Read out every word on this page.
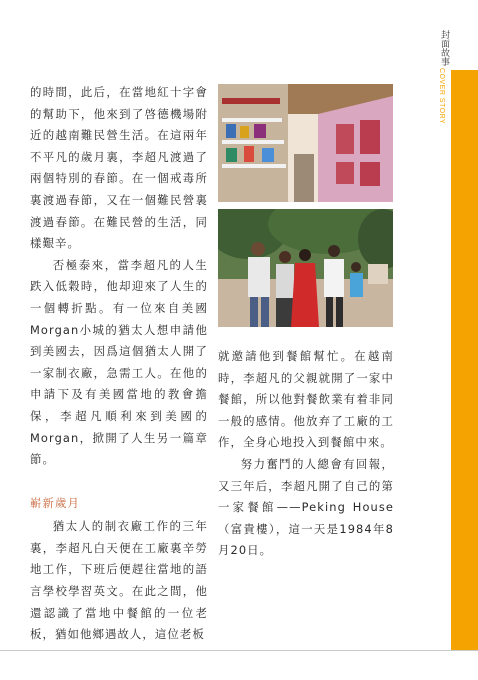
封面故事
COVER STORY

的時間，此后，在當地紅十字會的幫助下，他來到了啓德機場附近的越南難民營生活。在這兩年不平凡的歲月裏，李超凡渡過了兩個特別的春節。在一個戒毒所裏渡過春節，又在一個難民營裏渡過春節。在難民營的生活，同樣艱辛。

否極泰來，當李超凡的人生跌入低穀時，他却迎來了人生的一個轉折點。有一位來自美國Morgan小城的猶太人想申請他到美國去，因爲這個猶太人開了一家制衣廠，急需工人。在他的申請下及有美國當地的教會擔保，李超凡順利來到美國的Morgan，掀開了人生另一篇章節。

嶄新歲月

猶太人的制衣廠工作的三年裏，李超凡白天便在工廠裏辛勞地工作，下班后便趕往當地的語言學校學習英文。在此之間，他還認識了當地中餐館的一位老板，猶如他鄉遇故人，這位老板

就邀請他到餐館幫忙。在越南時，李超凡的父親就開了一家中餐館，所以他對餐飲業有着非同一般的感情。他放弃了工廠的工作，全身心地投入到餐館中來。

努力奮鬥的人總會有回報，又三年后，李超凡開了自己的第一家餐館——Peking House（富貴樓），這一天是1984年8月20日。
